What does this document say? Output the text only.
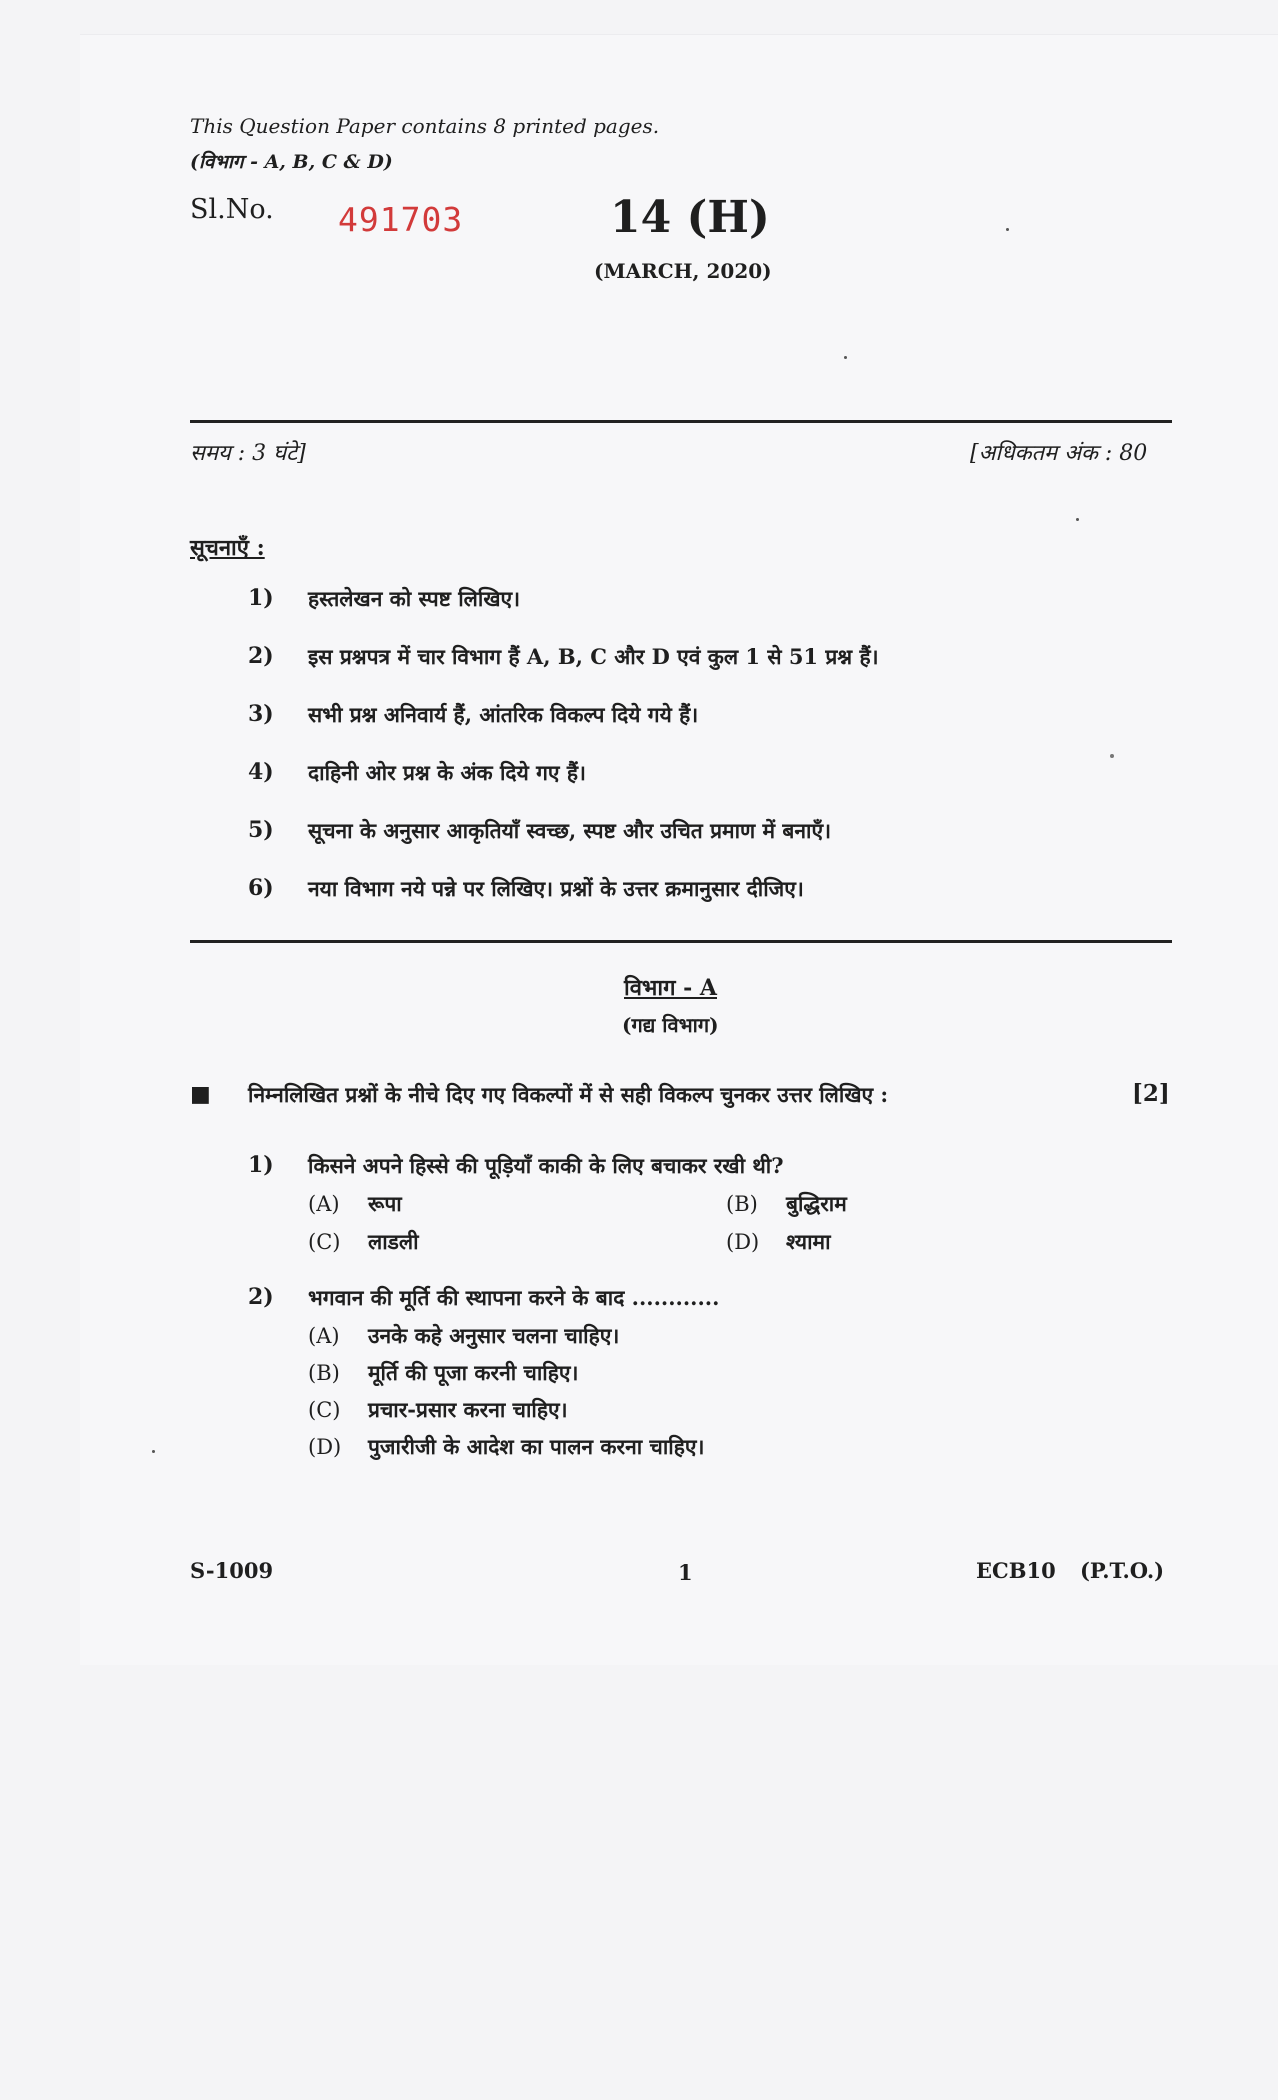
This Question Paper contains 8 printed pages.
(विभाग - A, B, C & D)
Sl.No. 491703	14 (H)
(MARCH, 2020)
समय : 3 घंटे]	[अधिकतम अंक : 80
सूचनाएँ :
1) हस्तलेखन को स्पष्ट लिखिए।
2) इस प्रश्नपत्र में चार विभाग हैं A, B, C और D एवं कुल 1 से 51 प्रश्न हैं।
3) सभी प्रश्न अनिवार्य हैं, आंतरिक विकल्प दिये गये हैं।
4) दाहिनी ओर प्रश्न के अंक दिये गए हैं।
5) सूचना के अनुसार आकृतियाँ स्वच्छ, स्पष्ट और उचित प्रमाण में बनाएँ।
6) नया विभाग नये पन्ने पर लिखिए। प्रश्नों के उत्तर क्रमानुसार दीजिए।
विभाग - A
(गद्य विभाग)
■ निम्नलिखित प्रश्नों के नीचे दिए गए विकल्पों में से सही विकल्प चुनकर उत्तर लिखिए :	[2]
1) किसने अपने हिस्से की पूड़ियाँ काकी के लिए बचाकर रखी थी?
(A) रूपा	(B) बुद्धिराम
(C) लाडली	(D) श्यामा
2) भगवान की मूर्ति की स्थापना करने के बाद ............
(A) उनके कहे अनुसार चलना चाहिए।
(B) मूर्ति की पूजा करनी चाहिए।
(C) प्रचार-प्रसार करना चाहिए।
(D) पुजारीजी के आदेश का पालन करना चाहिए।
S-1009	1	ECB10 (P.T.O.)
